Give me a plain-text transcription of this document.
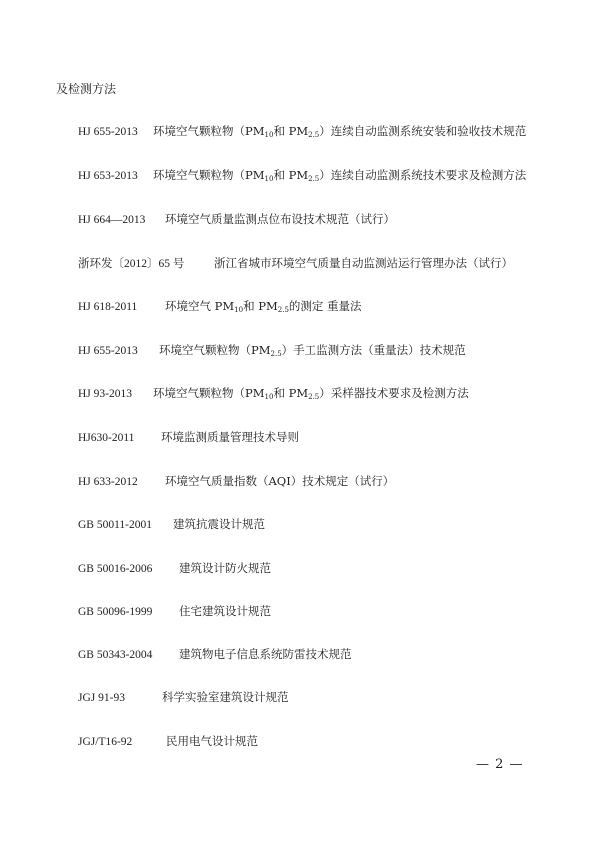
及检测方法
HJ 655-2013 环境空气颗粒物（$PM_{10}$和 $PM_{2.5}$）连续自动监测系统安装和验收技术规范
HJ 653-2013 环境空气颗粒物（$PM_{10}$和 $PM_{2.5}$）连续自动监测系统技术要求及检测方法
HJ 664—2013 环境空气质量监测点位布设技术规范（试行）
浙环发〔2012〕65 号	浙江省城市环境空气质量自动监测站运行管理办法（试行）
HJ 618-2011 环境空气 $PM_{10}$和 $PM_{2.5}$的测定 重量法
HJ 655-2013 环境空气颗粒物$(PM_{2.5})$手工监测方法（重量法）技术规范
HJ 93-2013 环境空气颗粒物（$PM_{10}$和 $PM_{2.5}$）采样器技术要求及检测方法
HJ630-2011 环境监测质量管理技术导则
HJ 633-2012 环境空气质量指数（AQI）技术规定（试行）
GB 50011-2001 建筑抗震设计规范
GB 50016-2006 建筑设计防火规范
GB 50096-1999 住宅建筑设计规范
GB 50343-2004 建筑物电子信息系统防雷技术规范
JGJ 91-93	科学实验室建筑设计规范
JGJ/T16-92	民用电气设计规范
— 2 —
